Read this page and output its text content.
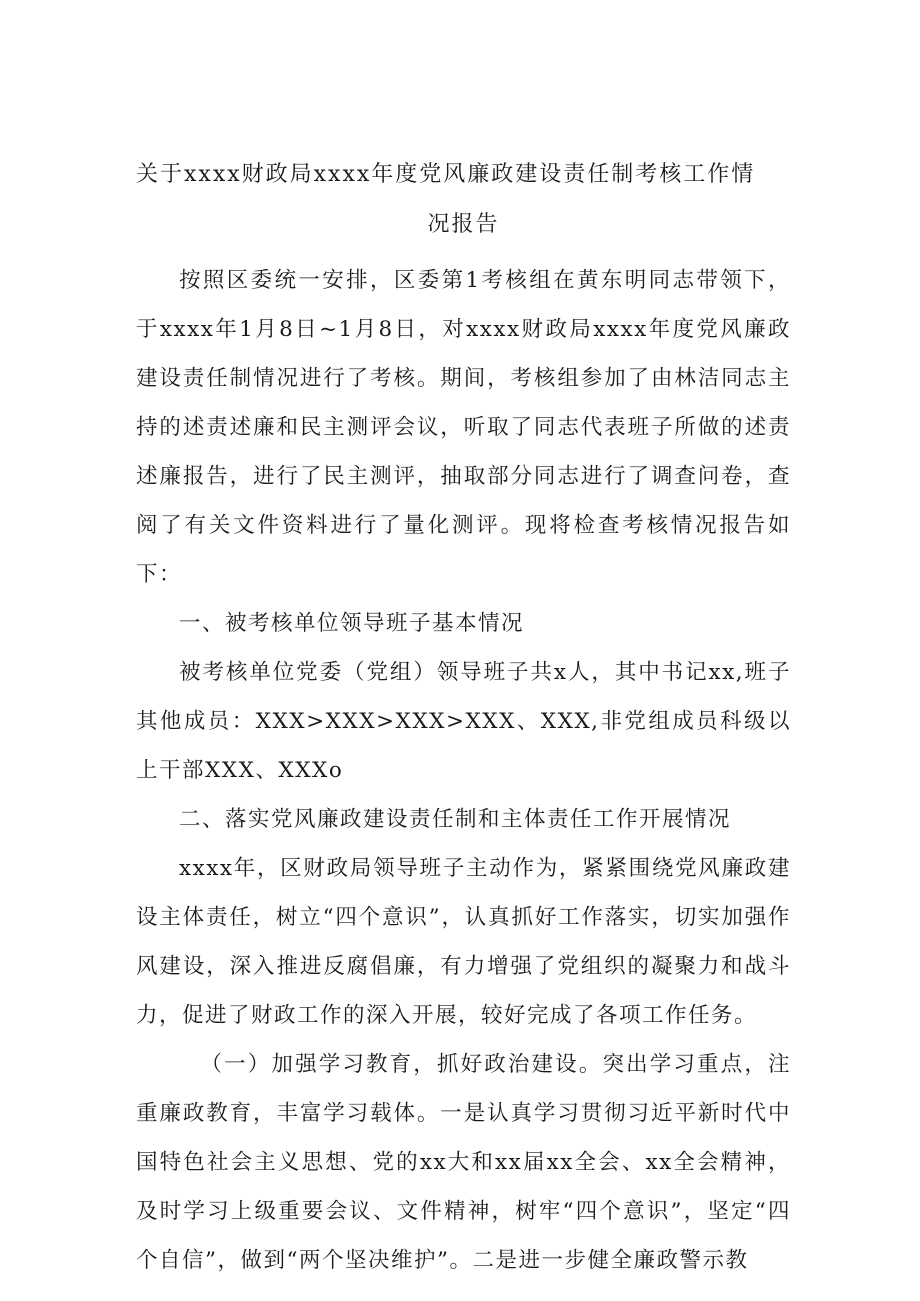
关于xxxx财政局xxxx年度党风廉政建设责任制考核工作情
况报告

按照区委统一安排，区委第1考核组在黄东明同志带领下，于xxxx年1月8日~1月8日，对xxxx财政局xxxx年度党风廉政建设责任制情况进行了考核。期间，考核组参加了由林洁同志主持的述责述廉和民主测评会议，听取了同志代表班子所做的述责述廉报告，进行了民主测评，抽取部分同志进行了调查问卷，查阅了有关文件资料进行了量化测评。现将检查考核情况报告如下：

一、被考核单位领导班子基本情况

被考核单位党委（党组）领导班子共x人，其中书记xx,班子其他成员：XXX>XXX>XXX>XXX、XXX,非党组成员科级以上干部XXX、XXXo

二、落实党风廉政建设责任制和主体责任工作开展情况

xxxx年，区财政局领导班子主动作为，紧紧围绕党风廉政建设主体责任，树立“四个意识”，认真抓好工作落实，切实加强作风建设，深入推进反腐倡廉，有力增强了党组织的凝聚力和战斗力，促进了财政工作的深入开展，较好完成了各项工作任务。

（一）加强学习教育，抓好政治建设。突出学习重点，注重廉政教育，丰富学习载体。一是认真学习贯彻习近平新时代中国特色社会主义思想、党的xx大和xx届xx全会、xx全会精神，及时学习上级重要会议、文件精神，树牢“四个意识”，坚定“四个自信”，做到“两个坚决维护”。二是进一步健全廉政警示教
